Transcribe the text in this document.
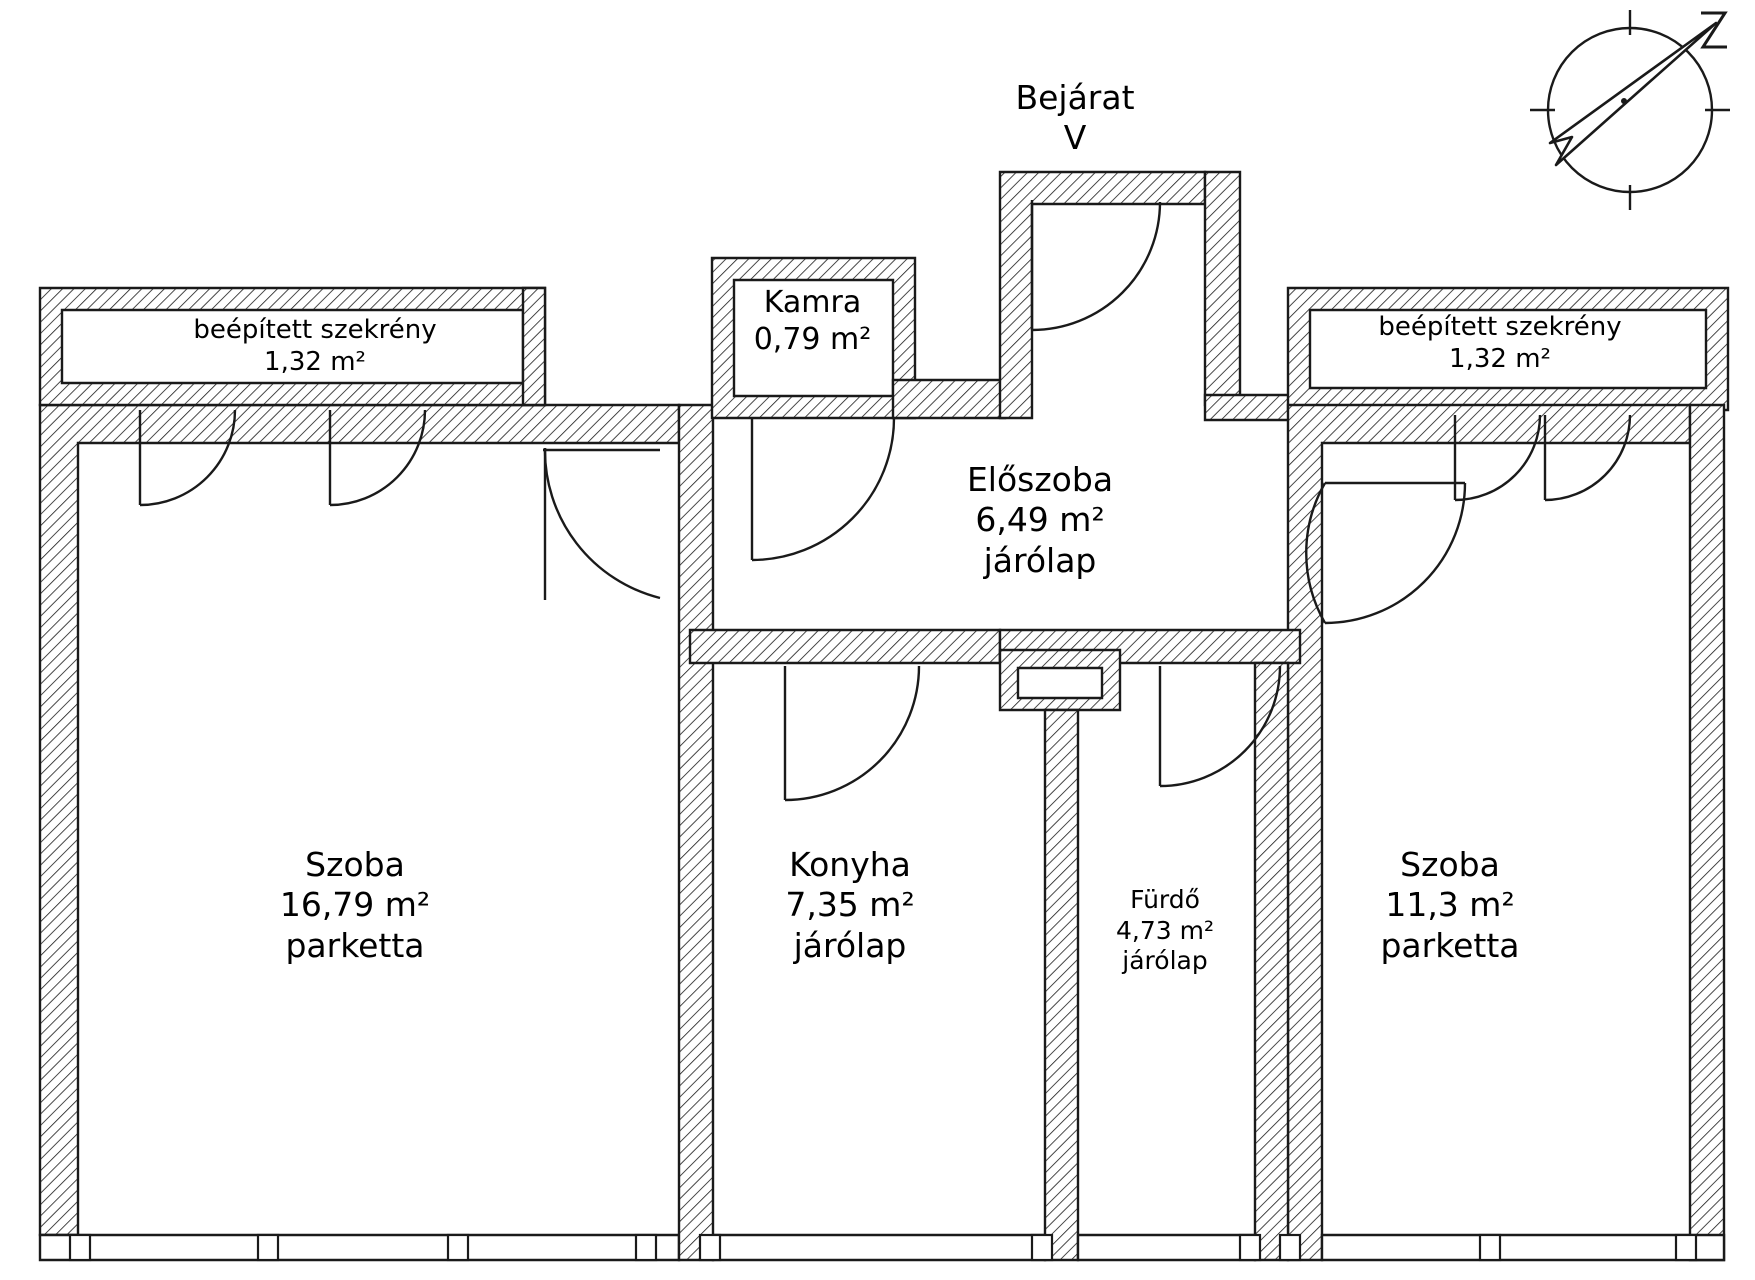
Bejárat
V
beépített szekrény
1,32 m²
beépített szekrény
1,32 m²
Kamra
0,79 m²
Előszoba
6,49 m²
járólap
Szoba
16,79 m²
parketta
Konyha
7,35 m²
járólap
Fürdő
4,73 m²
járólap
Szoba
11,3 m²
parketta
